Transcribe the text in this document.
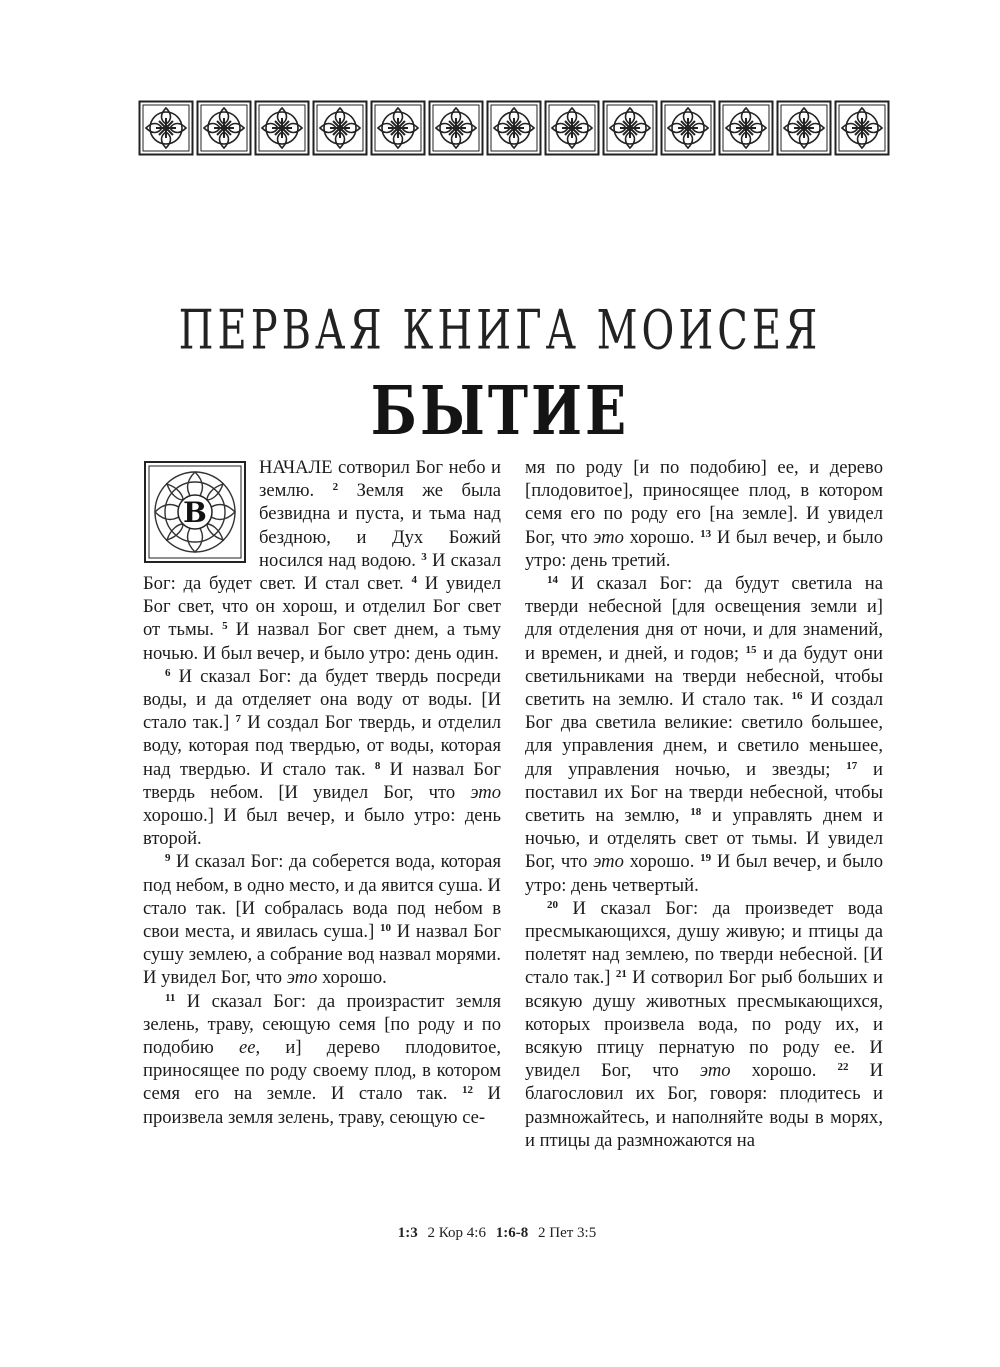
ПЕРВАЯ КНИГА МОИСЕЯ
БЫТИЕ
В

НАЧАЛЕ сотворил Бог небо и землю. $^2$ Земля же была безвидна и пуста, и тьма над бездною, и Дух Божий носился над водою. $^3$ И сказал Бог: да будет свет. И стал свет. $^4$ И увидел Бог свет, что он хорош, и отделил Бог свет от тьмы. $^5$ И назвал Бог свет днем, а тьму ночью. И был вечер, и было утро: день один.

$^6$ И сказал Бог: да будет твердь посреди воды, и да отделяет она воду от воды. [И стало так.] $^7$ И создал Бог твердь, и отделил воду, которая под твердью, от воды, которая над твердью. И стало так. $^8$ И назвал Бог твердь небом. [И увидел Бог, что это хорошо.] И был вечер, и было утро: день второй.

$^9$ И сказал Бог: да соберется вода, которая под небом, в одно место, и да явится суша. И стало так. [И собралась вода под небом в свои места, и явилась суша.] $^{10}$ И назвал Бог сушу землею, а собрание вод назвал морями. И увидел Бог, что это хорошо.

$^{11}$ И сказал Бог: да произрастит земля зелень, траву, сеющую семя [по роду и по подобию ее, и] дерево плодовитое, приносящее по роду своему плод, в котором семя его на земле. И стало так. $^{12}$ И произвела земля зелень, траву, сеющую се-

мя по роду [и по подобию] ее, и дерево [плодовитое], приносящее плод, в котором семя его по роду его [на земле]. И увидел Бог, что это хорошо. $^{13}$ И был вечер, и было утро: день третий.

$^{14}$ И сказал Бог: да будут светила на тверди небесной [для освещения земли и] для отделения дня от ночи, и для знамений, и времен, и дней, и годов; $^{15}$ и да будут они светильниками на тверди небесной, чтобы светить на землю. И стало так. $^{16}$ И создал Бог два светила великие: светило большее, для управления днем, и светило меньшее, для управления ночью, и звезды; $^{17}$ и поставил их Бог на тверди небесной, чтобы светить на землю, $^{18}$ и управлять днем и ночью, и отделять свет от тьмы. И увидел Бог, что это хорошо. $^{19}$ И был вечер, и было утро: день четвертый.

$^{20}$ И сказал Бог: да произведет вода пресмыкающихся, душу живую; и птицы да полетят над землею, по тверди небесной. [И стало так.] $^{21}$ И сотворил Бог рыб больших и всякую душу животных пресмыкающихся, которых произвела вода, по роду их, и всякую птицу пернатую по роду ее. И увидел Бог, что это хорошо. $^{22}$ И благословил их Бог, говоря: плодитесь и размножайтесь, и наполняйте воды в морях, и птицы да размножаются на

1:3 2 Кор 4:6 1:6-8 2 Пет 3:5
